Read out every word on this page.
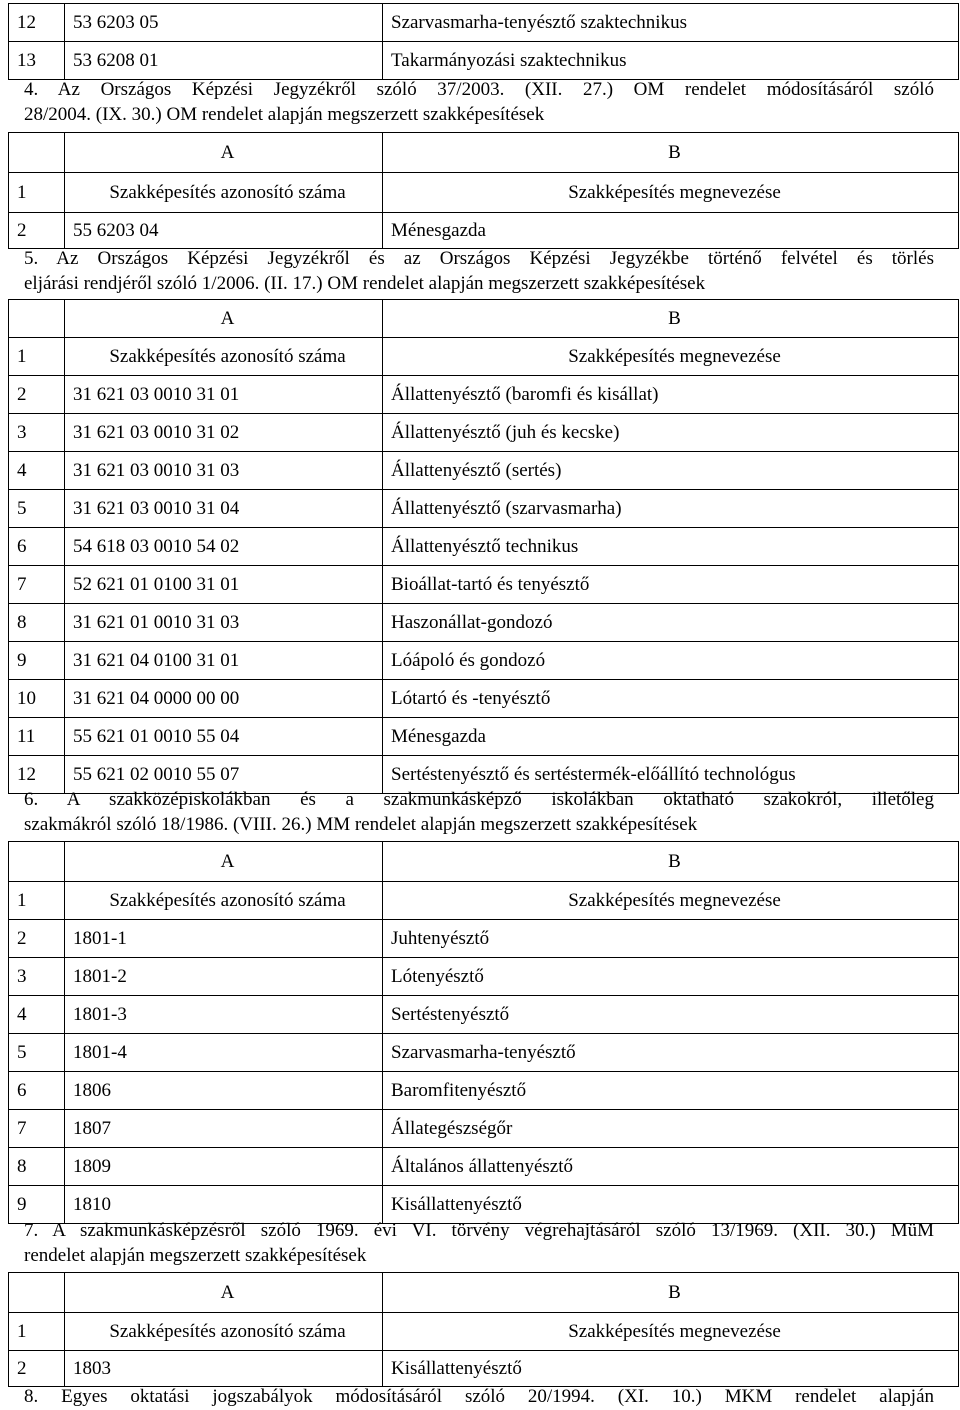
12	53 6203 05	Szarvasmarha-tenyésztő szaktechnikus
13	53 6208 01	Takarmányozási szaktechnikus
4. Az Országos Képzési Jegyzékről szóló 37/2003. (XII. 27.) OM rendelet módosításáról szóló
28/2004. (IX. 30.) OM rendelet alapján megszerzett szakképesítések
	A	B
1	Szakképesítés azonosító száma	Szakképesítés megnevezése
2	55 6203 04	Ménesgazda
5. Az Országos Képzési Jegyzékről és az Országos Képzési Jegyzékbe történő felvétel és törlés
eljárási rendjéről szóló 1/2006. (II. 17.) OM rendelet alapján megszerzett szakképesítések
	A	B
1	Szakképesítés azonosító száma	Szakképesítés megnevezése
2	31 621 03 0010 31 01	Állattenyésztő (baromfi és kisállat)
3	31 621 03 0010 31 02	Állattenyésztő (juh és kecske)
4	31 621 03 0010 31 03	Állattenyésztő (sertés)
5	31 621 03 0010 31 04	Állattenyésztő (szarvasmarha)
6	54 618 03 0010 54 02	Állattenyésztő technikus
7	52 621 01 0100 31 01	Bioállat-tartó és tenyésztő
8	31 621 01 0010 31 03	Haszonállat-gondozó
9	31 621 04 0100 31 01	Lóápoló és gondozó
10	31 621 04 0000 00 00	Lótartó és -tenyésztő
11	55 621 01 0010 55 04	Ménesgazda
12	55 621 02 0010 55 07	Sertéstenyésztő és sertéstermék-előállító technológus
6. A szakközépiskolákban és a szakmunkásképző iskolákban oktatható szakokról, illetőleg
szakmákról szóló 18/1986. (VIII. 26.) MM rendelet alapján megszerzett szakképesítések
	A	B
1	Szakképesítés azonosító száma	Szakképesítés megnevezése
2	1801-1	Juhtenyésztő
3	1801-2	Lótenyésztő
4	1801-3	Sertéstenyésztő
5	1801-4	Szarvasmarha-tenyésztő
6	1806	Baromfitenyésztő
7	1807	Állategészségőr
8	1809	Általános állattenyésztő
9	1810	Kisállattenyésztő
7. A szakmunkásképzésről szóló 1969. évi VI. törvény végrehajtásáról szóló 13/1969. (XII. 30.) MüM
rendelet alapján megszerzett szakképesítések
	A	B
1	Szakképesítés azonosító száma	Szakképesítés megnevezése
2	1803	Kisállattenyésztő
8. Egyes oktatási jogszabályok módosításáról szóló 20/1994. (XI. 10.) MKM rendelet alapján
